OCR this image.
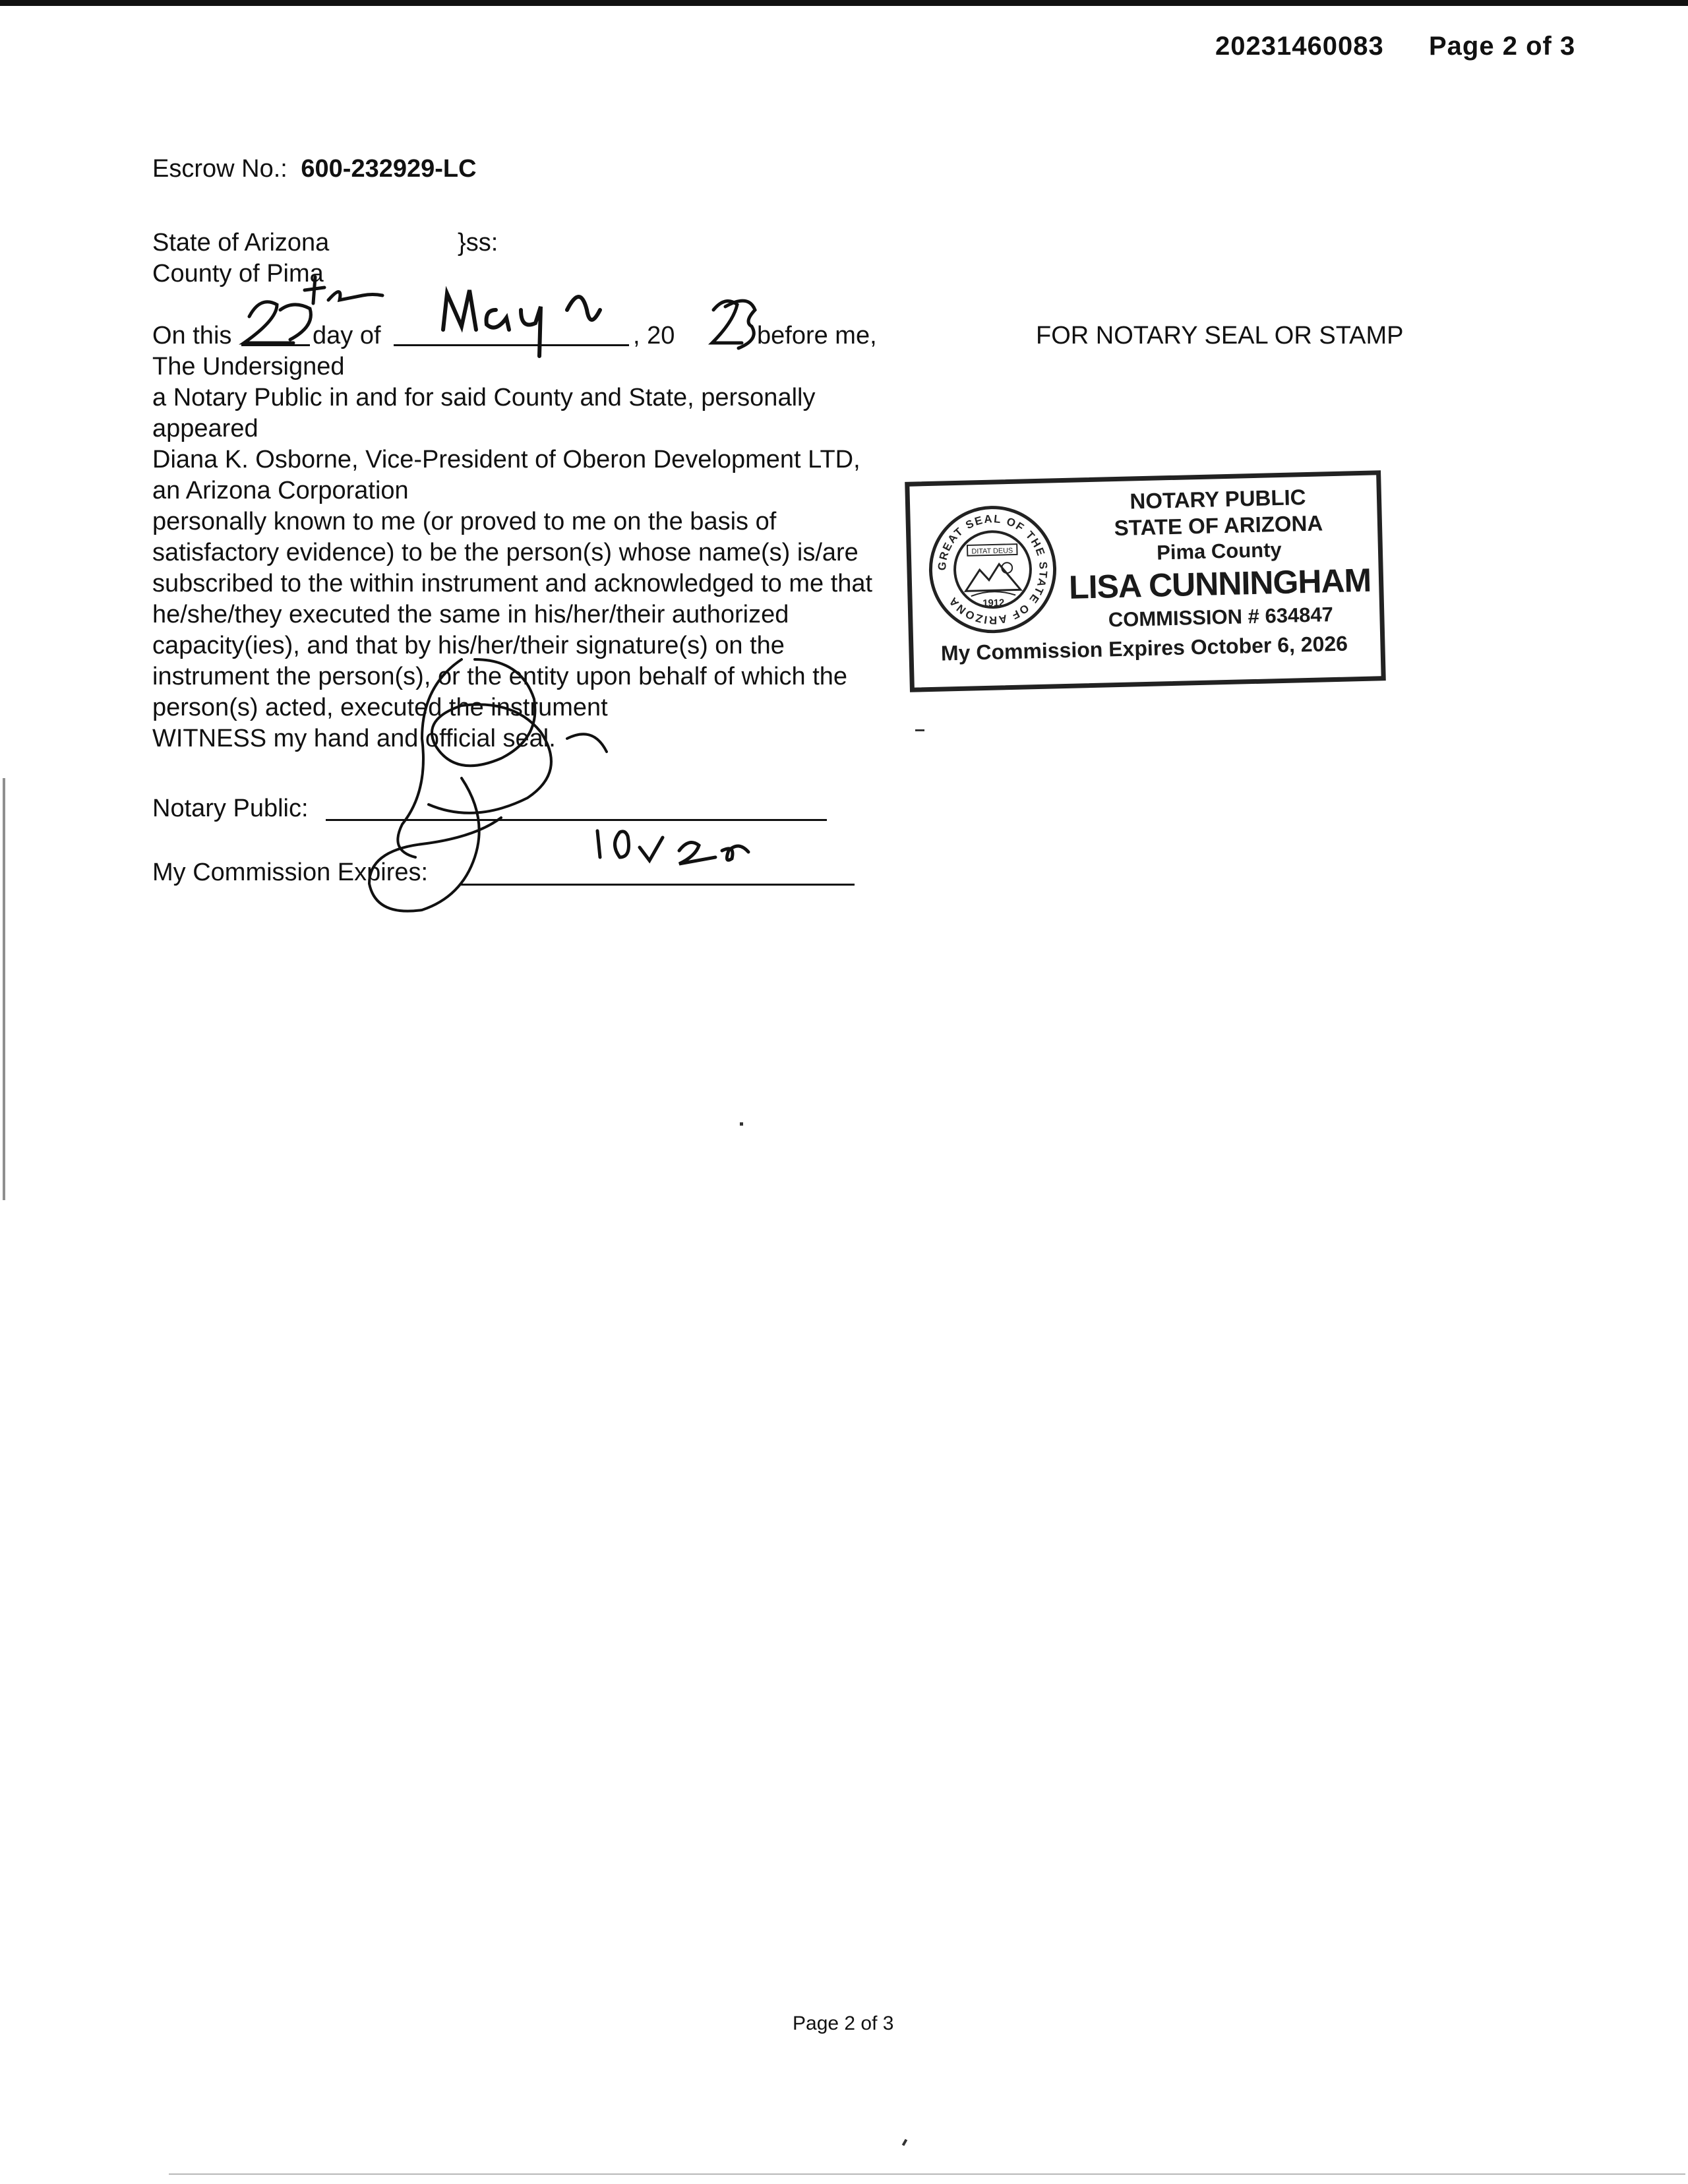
20231460083 Page 2 of 3
Escrow No.: 600-232929-LC
State of Arizona	}ss:
County of Pima
On this	day of	, 20	before me,	FOR NOTARY SEAL OR STAMP
The Undersigned
a Notary Public in and for said County and State, personally
appeared
Diana K. Osborne, Vice-President of Oberon Development LTD,
an Arizona Corporation
personally known to me (or proved to me on the basis of
satisfactory evidence) to be the person(s) whose name(s) is/are
subscribed to the within instrument and acknowledged to me that
he/she/they executed the same in his/her/their authorized
capacity(ies), and that by his/her/their signature(s) on the
instrument the person(s), or the entity upon behalf of which the
person(s) acted, executed the instrument
WITNESS my hand and official seal.
GREAT SEAL OF THE STATE OF ARIZONA
DITAT DEUS
1912
NOTARY PUBLIC
STATE OF ARIZONA
Pima County
LISA CUNNINGHAM
COMMISSION # 634847
My Commission Expires October 6, 2026
Notary Public:
My Commission Expires:
Page 2 of 3
